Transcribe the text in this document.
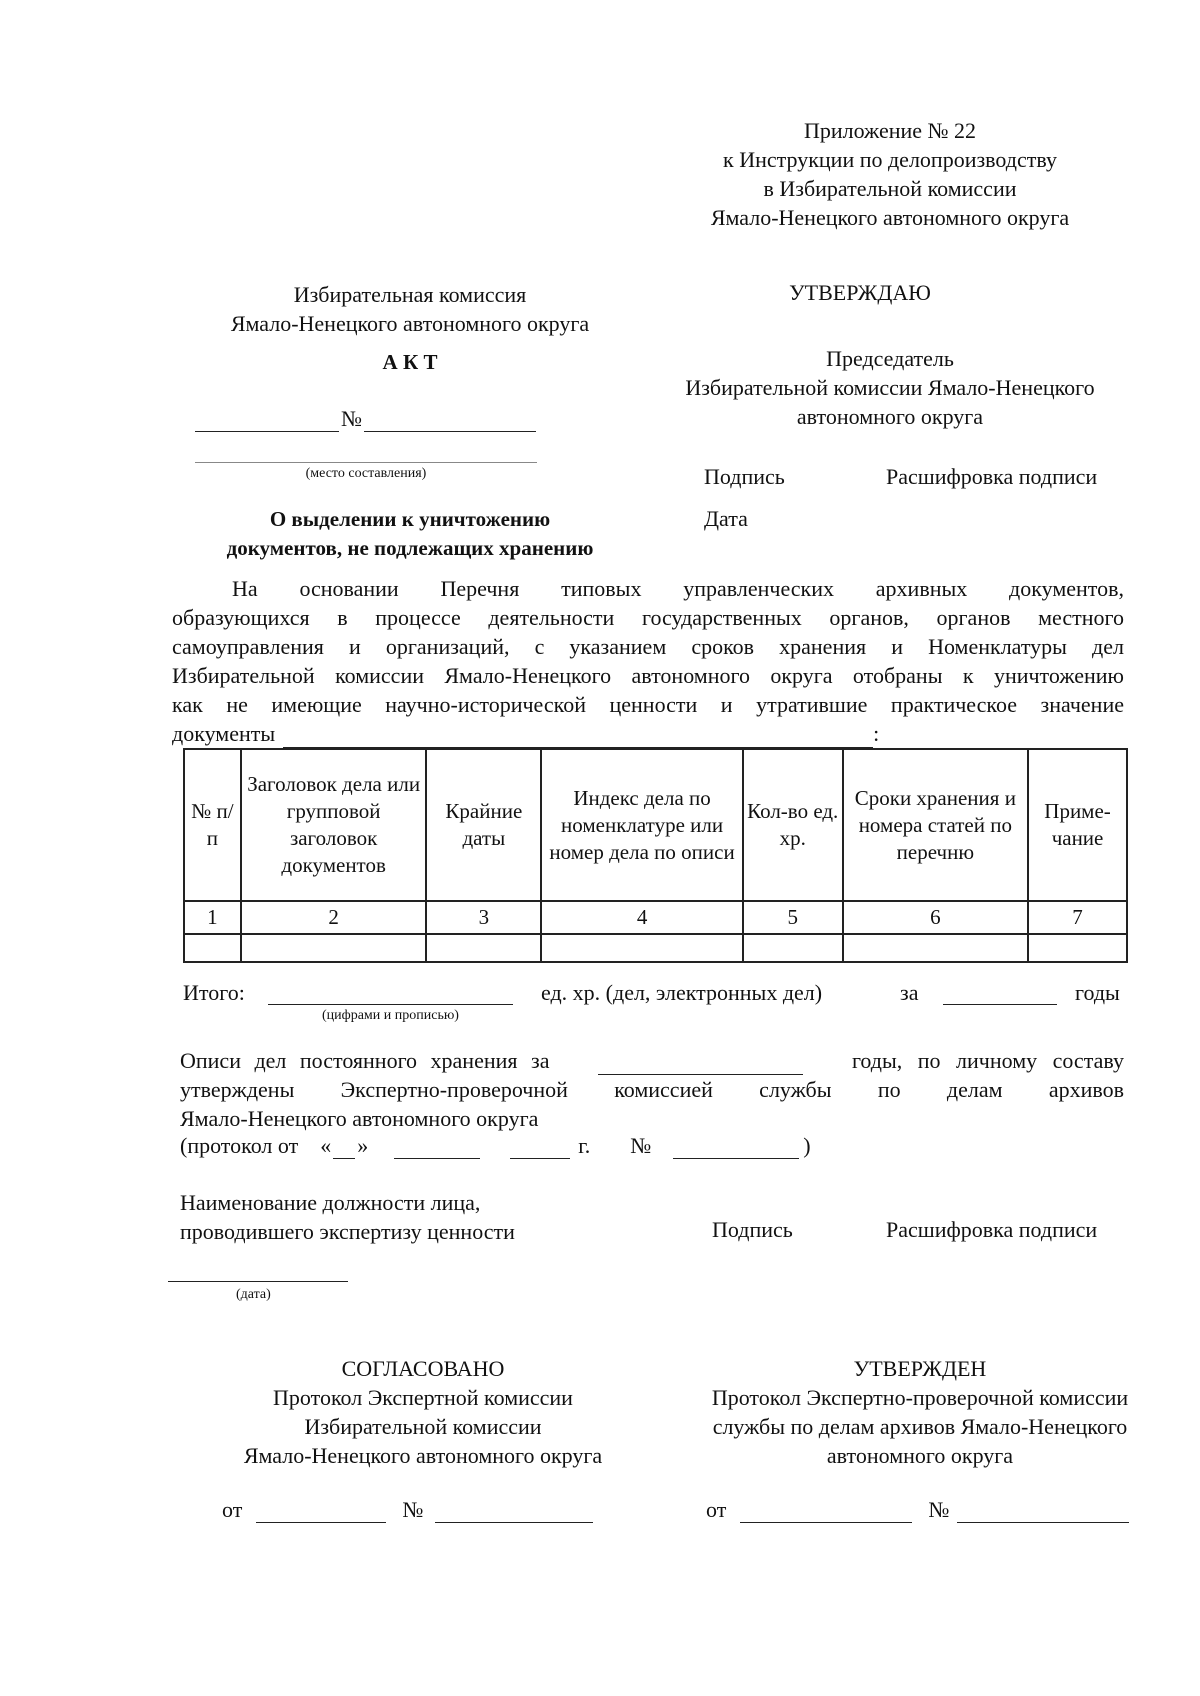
Приложение № 22
к Инструкции по делопроизводству
в Избирательной комиссии
Ямало-Ненецкого автономного округа
Избирательная комиссия
Ямало-Ненецкого автономного округа
УТВЕРЖДАЮ
Председатель
Избирательной комиссии Ямало-Ненецкого
автономного округа
Подпись	Расшифровка подписи
Дата
А К Т
№
(место составления)
О выделении к уничтожению
документов, не подлежащих хранению
На основании Перечня типовых управленческих архивных документов,
образующихся в процессе деятельности государственных органов, органов местного
самоуправления и организаций, с указанием сроков хранения и Номенклатуры дел
Избирательной комиссии Ямало-Ненецкого автономного округа отобраны к уничтожению
как не имеющие научно-исторической ценности и утратившие практическое значение
документы	:
№ п/п	Заголовок дела или групповой заголовок документов	Крайние даты	Индекс дела по номенклатуре или номер дела по описи	Кол-во ед. хр.	Сроки хранения и номера статей по перечню	Приме-чание
1	2	3	4	5	6	7

Итого:
(цифрами и прописью)
ед. хр. (дел, электронных дел)	за	годы
Описи дел постоянного хранения за	годы, по личному составу
утверждены Экспертно-проверочной комиссией службы по делам архивов
Ямало-Ненецкого автономного округа
(протокол от « »	г. №	)
Наименование должности лица,
проводившего экспертизу ценности	Подпись	Расшифровка подписи
(дата)
СОГЛАСОВАНО
Протокол Экспертной комиссии
Избирательной комиссии
Ямало-Ненецкого автономного округа
от	№
УТВЕРЖДЕН
Протокол Экспертно-проверочной комиссии
службы по делам архивов Ямало-Ненецкого
автономного округа
от	№
